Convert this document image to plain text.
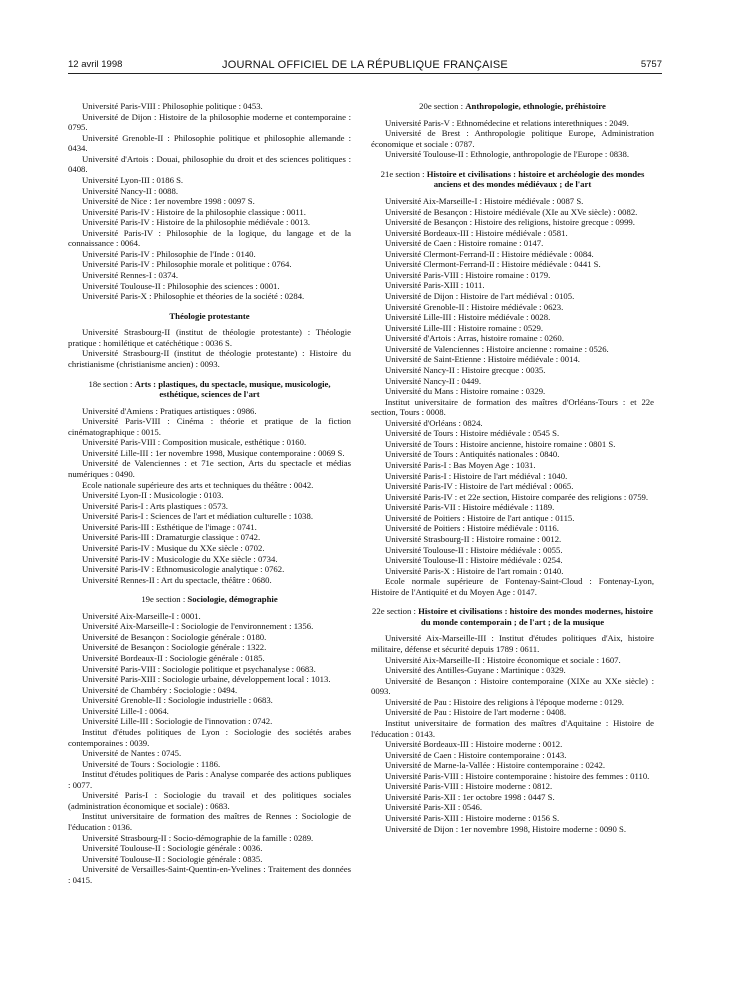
12 avril 1998	JOURNAL OFFICIEL DE LA RÉPUBLIQUE FRANÇAISE	5757
Université Paris-VIII : Philosophie politique : 0453.
Université de Dijon : Histoire de la philosophie moderne et contemporaine : 0795.
Université Grenoble-II : Philosophie politique et philosophie allemande : 0434.
Université d'Artois : Douai, philosophie du droit et des sciences politiques : 0408.
Université Lyon-III : 0186 S.
Université Nancy-II : 0088.
Université de Nice : 1er novembre 1998 : 0097 S.
Université Paris-IV : Histoire de la philosophie classique : 0011.
Université Paris-IV : Histoire de la philosophie médiévale : 0013.
Université Paris-IV : Philosophie de la logique, du langage et de la connaissance : 0064.
Université Paris-IV : Philosophie de l'Inde : 0140.
Université Paris-IV : Philosophie morale et politique : 0764.
Université Rennes-I : 0374.
Université Toulouse-II : Philosophie des sciences : 0001.
Université Paris-X : Philosophie et théories de la société : 0284.
Théologie protestante
Université Strasbourg-II (institut de théologie protestante) : Théologie pratique : homilétique et catéchétique : 0036 S.
Université Strasbourg-II (institut de théologie protestante) : Histoire du christianisme (christianisme ancien) : 0093.
18e section : Arts : plastiques, du spectacle, musique, musicologie, esthétique, sciences de l'art
Université d'Amiens : Pratiques artistiques : 0986.
Université Paris-VIII : Cinéma : théorie et pratique de la fiction cinématographique : 0015.
Université Paris-VIII : Composition musicale, esthétique : 0160.
Université Lille-III : 1er novembre 1998, Musique contemporaine : 0069 S.
Université de Valenciennes : et 71e section, Arts du spectacle et médias numériques : 0490.
Ecole nationale supérieure des arts et techniques du théâtre : 0042.
Université Lyon-II : Musicologie : 0103.
Université Paris-I : Arts plastiques : 0573.
Université Paris-I : Sciences de l'art et médiation culturelle : 1038.
Université Paris-III : Esthétique de l'image : 0741.
Université Paris-III : Dramaturgie classique : 0742.
Université Paris-IV : Musique du XXe siècle : 0702.
Université Paris-IV : Musicologie du XXe siècle : 0734.
Université Paris-IV : Ethnomusicologie analytique : 0762.
Université Rennes-II : Art du spectacle, théâtre : 0680.
19e section : Sociologie, démographie
Université Aix-Marseille-I : 0001.
Université Aix-Marseille-I : Sociologie de l'environnement : 1356.
Université de Besançon : Sociologie générale : 0180.
Université de Besançon : Sociologie générale : 1322.
Université Bordeaux-II : Sociologie générale : 0185.
Université Paris-VIII : Sociologie politique et psychanalyse : 0683.
Université Paris-XIII : Sociologie urbaine, développement local : 1013.
Université de Chambéry : Sociologie : 0494.
Université Grenoble-II : Sociologie industrielle : 0683.
Université Lille-I : 0064.
Université Lille-III : Sociologie de l'innovation : 0742.
Institut d'études politiques de Lyon : Sociologie des sociétés arabes contemporaines : 0039.
Université de Nantes : 0745.
Université de Tours : Sociologie : 1186.
Institut d'études politiques de Paris : Analyse comparée des actions publiques : 0077.
Université Paris-I : Sociologie du travail et des politiques sociales (administration économique et sociale) : 0683.
Institut universitaire de formation des maîtres de Rennes : Sociologie de l'éducation : 0136.
Université Strasbourg-II : Socio-démographie de la famille : 0289.
Université Toulouse-II : Sociologie générale : 0036.
Université Toulouse-II : Sociologie générale : 0835.
Université de Versailles-Saint-Quentin-en-Yvelines : Traitement des données : 0415.
20e section : Anthropologie, ethnologie, préhistoire
Université Paris-V : Ethnomédecine et relations interethniques : 2049.
Université de Brest : Anthropologie politique Europe, Administration économique et sociale : 0787.
Université Toulouse-II : Ethnologie, anthropologie de l'Europe : 0838.
21e section : Histoire et civilisations : histoire et archéologie des mondes anciens et des mondes médiévaux ; de l'art
Université Aix-Marseille-I : Histoire médiévale : 0087 S.
Université de Besançon : Histoire médiévale (XIe au XVe siècle) : 0082.
Université de Besançon : Histoire des religions, histoire grecque : 0999.
Université Bordeaux-III : Histoire médiévale : 0581.
Université de Caen : Histoire romaine : 0147.
Université Clermont-Ferrand-II : Histoire médiévale : 0084.
Université Clermont-Ferrand-II : Histoire médiévale : 0441 S.
Université Paris-VIII : Histoire romaine : 0179.
Université Paris-XIII : 1011.
Université de Dijon : Histoire de l'art médiéval : 0105.
Université Grenoble-II : Histoire médiévale : 0623.
Université Lille-III : Histoire médiévale : 0028.
Université Lille-III : Histoire romaine : 0529.
Université d'Artois : Arras, histoire romaine : 0260.
Université de Valenciennes : Histoire ancienne : romaine : 0526.
Université de Saint-Etienne : Histoire médiévale : 0014.
Université Nancy-II : Histoire grecque : 0035.
Université Nancy-II : 0449.
Université du Mans : Histoire romaine : 0329.
Institut universitaire de formation des maîtres d'Orléans-Tours : et 22e section, Tours : 0008.
Université d'Orléans : 0824.
Université de Tours : Histoire médiévale : 0545 S.
Université de Tours : Histoire ancienne, histoire romaine : 0801 S.
Université de Tours : Antiquités nationales : 0840.
Université Paris-I : Bas Moyen Age : 1031.
Université Paris-I : Histoire de l'art médiéval : 1040.
Université Paris-IV : Histoire de l'art médiéval : 0065.
Université Paris-IV : et 22e section, Histoire comparée des religions : 0759.
Université Paris-VII : Histoire médiévale : 1189.
Université de Poitiers : Histoire de l'art antique : 0115.
Université de Poitiers : Histoire médiévale : 0116.
Université Strasbourg-II : Histoire romaine : 0012.
Université Toulouse-II : Histoire médiévale : 0055.
Université Toulouse-II : Histoire médiévale : 0254.
Université Paris-X : Histoire de l'art romain : 0140.
Ecole normale supérieure de Fontenay-Saint-Cloud : Fontenay-Lyon, Histoire de l'Antiquité et du Moyen Age : 0147.
22e section : Histoire et civilisations : histoire des mondes modernes, histoire du monde contemporain ; de l'art ; de la musique
Université Aix-Marseille-III : Institut d'études politiques d'Aix, histoire militaire, défense et sécurité depuis 1789 : 0611.
Université Aix-Marseille-II : Histoire économique et sociale : 1607.
Université des Antilles-Guyane : Martinique : 0329.
Université de Besançon : Histoire contemporaine (XIXe au XXe siècle) : 0093.
Université de Pau : Histoire des religions à l'époque moderne : 0129.
Université de Pau : Histoire de l'art moderne : 0408.
Institut universitaire de formation des maîtres d'Aquitaine : Histoire de l'éducation : 0143.
Université Bordeaux-III : Histoire moderne : 0012.
Université de Caen : Histoire contemporaine : 0143.
Université de Marne-la-Vallée : Histoire contemporaine : 0242.
Université Paris-VIII : Histoire contemporaine : histoire des femmes : 0110.
Université Paris-VIII : Histoire moderne : 0812.
Université Paris-XII : 1er octobre 1998 : 0447 S.
Université Paris-XII : 0546.
Université Paris-XIII : Histoire moderne : 0156 S.
Université de Dijon : 1er novembre 1998, Histoire moderne : 0090 S.
